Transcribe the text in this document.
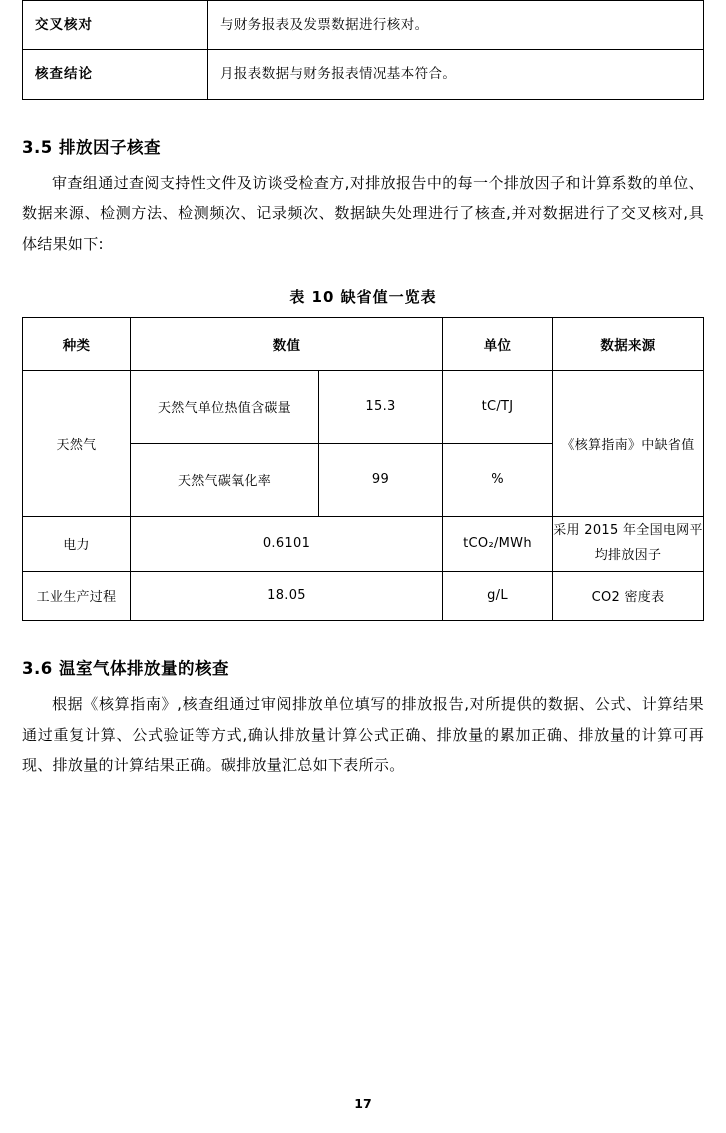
交叉核对	与财务报表及发票数据进行核对。
核查结论	月报表数据与财务报表情况基本符合。
3.5 排放因子核查

审查组通过查阅支持性文件及访谈受检查方,对排放报告中的每一个排放因子和计算系数的单位、数据来源、检测方法、检测频次、记录频次、数据缺失处理进行了核查,并对数据进行了交叉核对,具体结果如下:

表 10 缺省值一览表
种类	数值		单位	数据来源
天然气	天然气单位热值含碳量	15.3	tC/TJ	《核算指南》中缺省值
	天然气碳氧化率	99	%	
电力	0.6101		tCO₂/MWh	采用 2015 年全国电网平
均排放因子
工业生产过程	18.05		g/L	CO2 密度表
3.6 温室气体排放量的核查

根据《核算指南》,核查组通过审阅排放单位填写的排放报告,对所提供的数据、公式、计算结果通过重复计算、公式验证等方式,确认排放量计算公式正确、排放量的累加正确、排放量的计算可再现、排放量的计算结果正确。碳排放量汇总如下表所示。

17
